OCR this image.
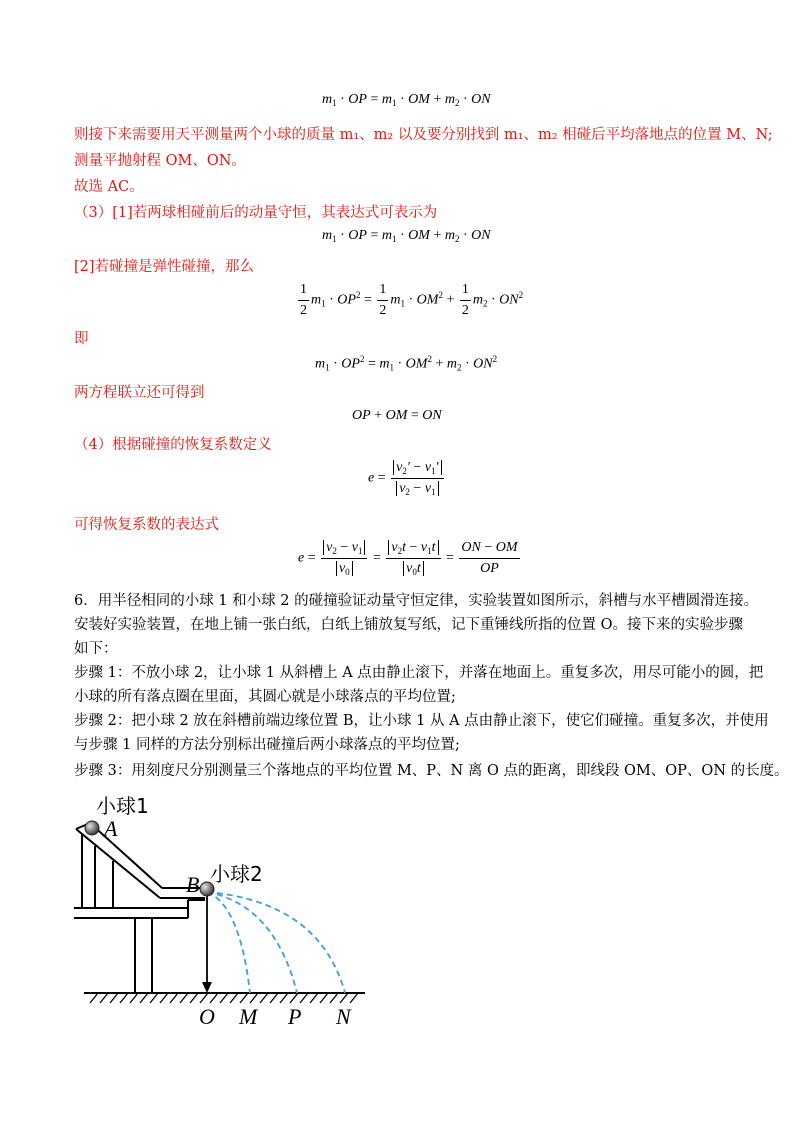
$m_1$ · OP = $m_1$ · OM + $m_2$ · ON
则接下来需要用天平测量两个小球的质量 m₁、m₂ 以及要分别找到 m₁、m₂ 相碰后平均落地点的位置 M、N;
测量平抛射程 OM、ON。
故选 AC。
（3）[1]若两球相碰前后的动量守恒，其表达式可表示为
$m_1$ · OP = $m_1$ · OM + $m_2$ · ON
[2]若碰撞是弹性碰撞，那么
$\frac{1}{2} m_1 \cdot OP^2 = \frac{1}{2} m_1 \cdot OM^2 + \frac{1}{2} m_2 \cdot ON^2$
即
$m_1 \cdot OP^2 = m_1 \cdot OM^2 + m_2 \cdot ON^2$
两方程联立还可得到
OP + OM = ON
（4）根据碰撞的恢复系数定义
$e = \frac{v_2' - v_1'}{v_2 - v_1}$
可得恢复系数的表达式
$e = \frac{v_2 - v_1}{v_0} = \frac{v_2t - v_1t}{v_0t} = \frac{ON - OM}{OP}$
6．用半径相同的小球 1 和小球 2 的碰撞验证动量守恒定律，实验装置如图所示，斜槽与水平槽圆滑连接。
安装好实验装置，在地上铺一张白纸，白纸上铺放复写纸，记下重锤线所指的位置 O。接下来的实验步骤
如下：
步骤 1：不放小球 2，让小球 1 从斜槽上 A 点由静止滚下，并落在地面上。重复多次，用尽可能小的圆，把
小球的所有落点圈在里面，其圆心就是小球落点的平均位置;
步骤 2：把小球 2 放在斜槽前端边缘位置 B，让小球 1 从 A 点由静止滚下，使它们碰撞。重复多次，并使用
与步骤 1 同样的方法分别标出碰撞后两小球落点的平均位置;
步骤 3：用刻度尺分别测量三个落地点的平均位置 M、P、N 离 O 点的距离，即线段 OM、OP、ON 的长度。
小球1
A
小球2
B
O M P N
